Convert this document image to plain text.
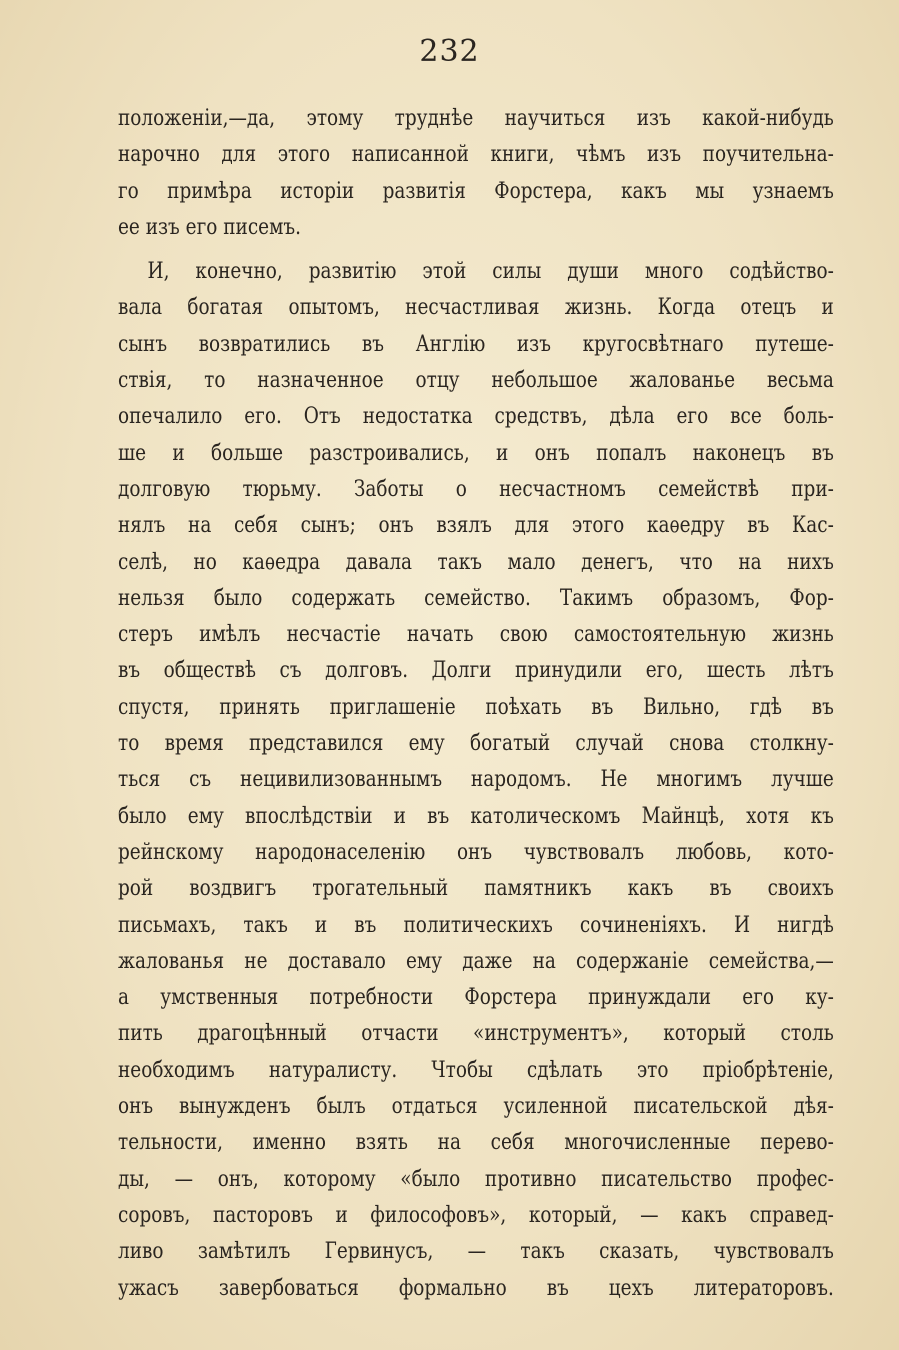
232
положенiи,—да, этому труднѣе научиться изъ какой-нибудь
нарочно для этого написанной книги, чѣмъ изъ поучительна-
го примѣра исторiи развитiя Форстера, какъ мы узнаемъ
ее изъ его писемъ.
И, конечно, развитiю этой силы души много содѣйство-
вала богатая опытомъ, несчастливая жизнь. Когда отецъ и
сынъ возвратились въ Англiю изъ кругосвѣтнаго путеше-
ствiя, то назначенное отцу небольшое жалованье весьма
опечалило его. Отъ недостатка средствъ, дѣла его все боль-
ше и больше разстроивались, и онъ попалъ наконецъ въ
долговую тюрьму. Заботы о несчастномъ семействѣ при-
нялъ на себя сынъ; онъ взялъ для этого каѳедру въ Кас-
селѣ, но каѳедра давала такъ мало денегъ, что на нихъ
нельзя было содержать семейство. Такимъ образомъ, Фор-
стеръ имѣлъ несчастiе начать свою самостоятельную жизнь
въ обществѣ съ долговъ. Долги принудили его, шесть лѣтъ
спустя, принять приглашенiе поѣхать въ Вильно, гдѣ въ
то время представился ему богатый случай снова столкну-
ться съ нецивилизованнымъ народомъ. Не многимъ лучше
было ему впослѣдствiи и въ католическомъ Майнцѣ, хотя къ
рейнскому народонаселенiю онъ чувствовалъ любовь, кото-
рой воздвигъ трогательный памятникъ какъ въ своихъ
письмахъ, такъ и въ политическихъ сочиненiяхъ. И нигдѣ
жалованья не доставало ему даже на содержанiе семейства,—
а умственныя потребности Форстера принуждали его ку-
пить драгоцѣнный отчасти «инструментъ», который столь
необходимъ натуралисту. Чтобы сдѣлать это прiобрѣтенiе,
онъ вынужденъ былъ отдаться усиленной писательской дѣя-
тельности, именно взять на себя многочисленные перево-
ды, — онъ, которому «было противно писательство профес-
соровъ, пасторовъ и философовъ», который, — какъ справед-
ливо замѣтилъ Гервинусъ, — такъ сказать, чувствовалъ
ужасъ завербоваться формально въ цехъ литераторовъ.
